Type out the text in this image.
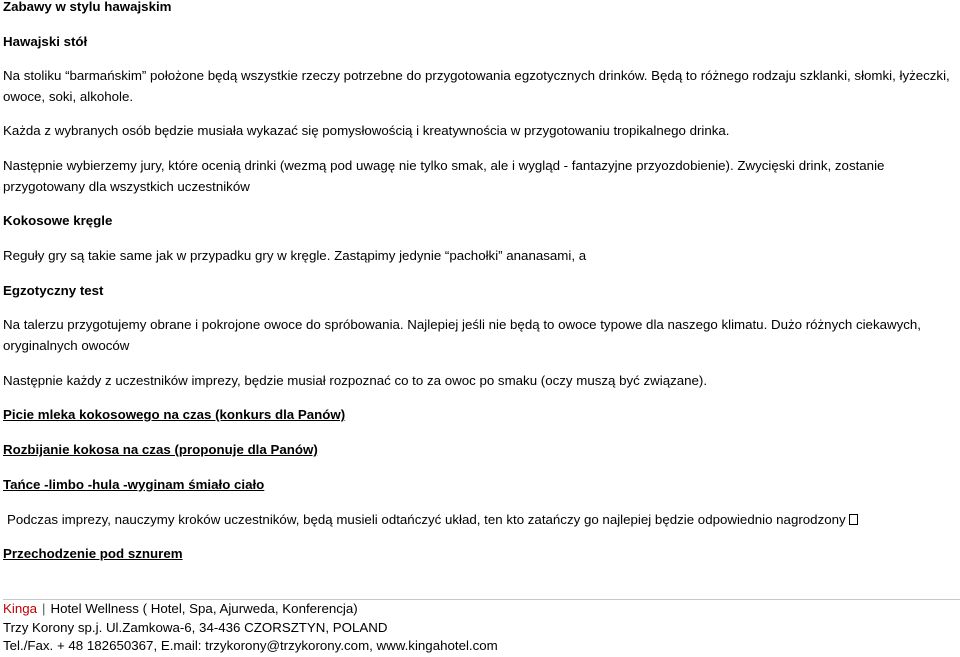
Zabawy w stylu hawajskim

Hawajski stół

Na stoliku “barmańskim” położone będą wszystkie rzeczy potrzebne do przygotowania egzotycznych drinków. Będą to różnego rodzaju szklanki, słomki, łyżeczki, owoce, soki, alkohole.

Każda z wybranych osób będzie musiała wykazać się pomysłowością i kreatywnościa w przygotowaniu tropikalnego drinka.

Następnie wybierzemy jury, które ocenią drinki (wezmą pod uwagę nie tylko smak, ale i wygląd - fantazyjne przyozdobienie). Zwycięski drink, zostanie przygotowany dla wszystkich uczestników

Kokosowe kręgle

Reguły gry są takie same jak w przypadku gry w kręgle. Zastąpimy jedynie “pachołki” ananasami, a

Egzotyczny test

Na talerzu przygotujemy obrane i pokrojone owoce do spróbowania. Najlepiej jeśli nie będą to owoce typowe dla naszego klimatu. Dużo różnych ciekawych, oryginalnych owoców

Następnie każdy z uczestników imprezy, będzie musiał rozpoznać co to za owoc po smaku (oczy muszą być związane).

Picie mleka kokosowego na czas (konkurs dla Panów)

Rozbijanie kokosa na czas (proponuje dla Panów)

Tańce -limbo -hula -wyginam śmiało ciało

Podczas imprezy, nauczymy kroków uczestników, będą musieli odtańczyć układ, ten kto zatańczy go najlepiej będzie odpowiednio nagrodzony

Przechodzenie pod sznurem

Kinga | Hotel Wellness ( Hotel, Spa, Ajurweda, Konferencja)
Trzy Korony sp.j. Ul.Zamkowa-6, 34-436 CZORSZTYN, POLAND
Tel./Fax. + 48 182650367, E.mail: trzykorony@trzykorony.com, www.kingahotel.com
